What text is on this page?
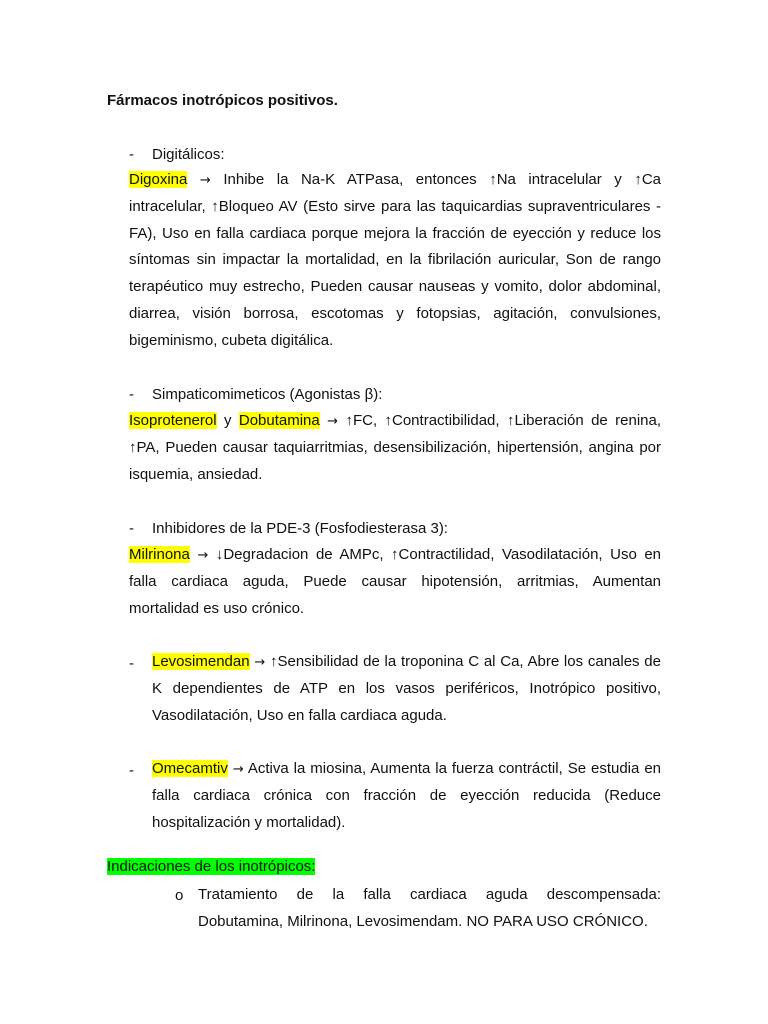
Fármacos inotrópicos positivos.
-	Digitálicos:
Digoxina → Inhibe la Na-K ATPasa, entonces ↑Na intracelular y ↑Ca
intracelular, ↑Bloqueo AV (Esto sirve para las taquicardias supraventriculares -
FA), Uso en falla cardiaca porque mejora la fracción de eyección y reduce los
síntomas sin impactar la mortalidad, en la fibrilación auricular, Son de rango
terapéutico muy estrecho, Pueden causar nauseas y vomito, dolor abdominal,
diarrea, visión borrosa, escotomas y fotopsias, agitación, convulsiones,
bigeminismo, cubeta digitálica.
-	Simpaticomimeticos (Agonistas β):
Isoprotenerol y Dobutamina → ↑FC, ↑Contractibilidad, ↑Liberación de renina,
↑PA, Pueden causar taquiarritmias, desensibilización, hipertensión, angina por
isquemia, ansiedad.
-	Inhibidores de la PDE-3 (Fosfodiesterasa 3):
Milrinona → ↓Degradacion de AMPc, ↑Contractilidad, Vasodilatación, Uso en
falla cardiaca aguda, Puede causar hipotensión, arritmias, Aumentan
mortalidad es uso crónico.
-	Levosimendan → ↑Sensibilidad de la troponina C al Ca, Abre los canales de
K dependientes de ATP en los vasos periféricos, Inotrópico positivo,
Vasodilatación, Uso en falla cardiaca aguda.
-	Omecamtiv → Activa la miosina, Aumenta la fuerza contráctil, Se estudia en
falla cardiaca crónica con fracción de eyección reducida (Reduce
hospitalización y mortalidad).
Indicaciones de los inotrópicos:
o Tratamiento de la falla cardiaca aguda descompensada:
Dobutamina, Milrinona, Levosimendam. NO PARA USO CRÓNICO.
